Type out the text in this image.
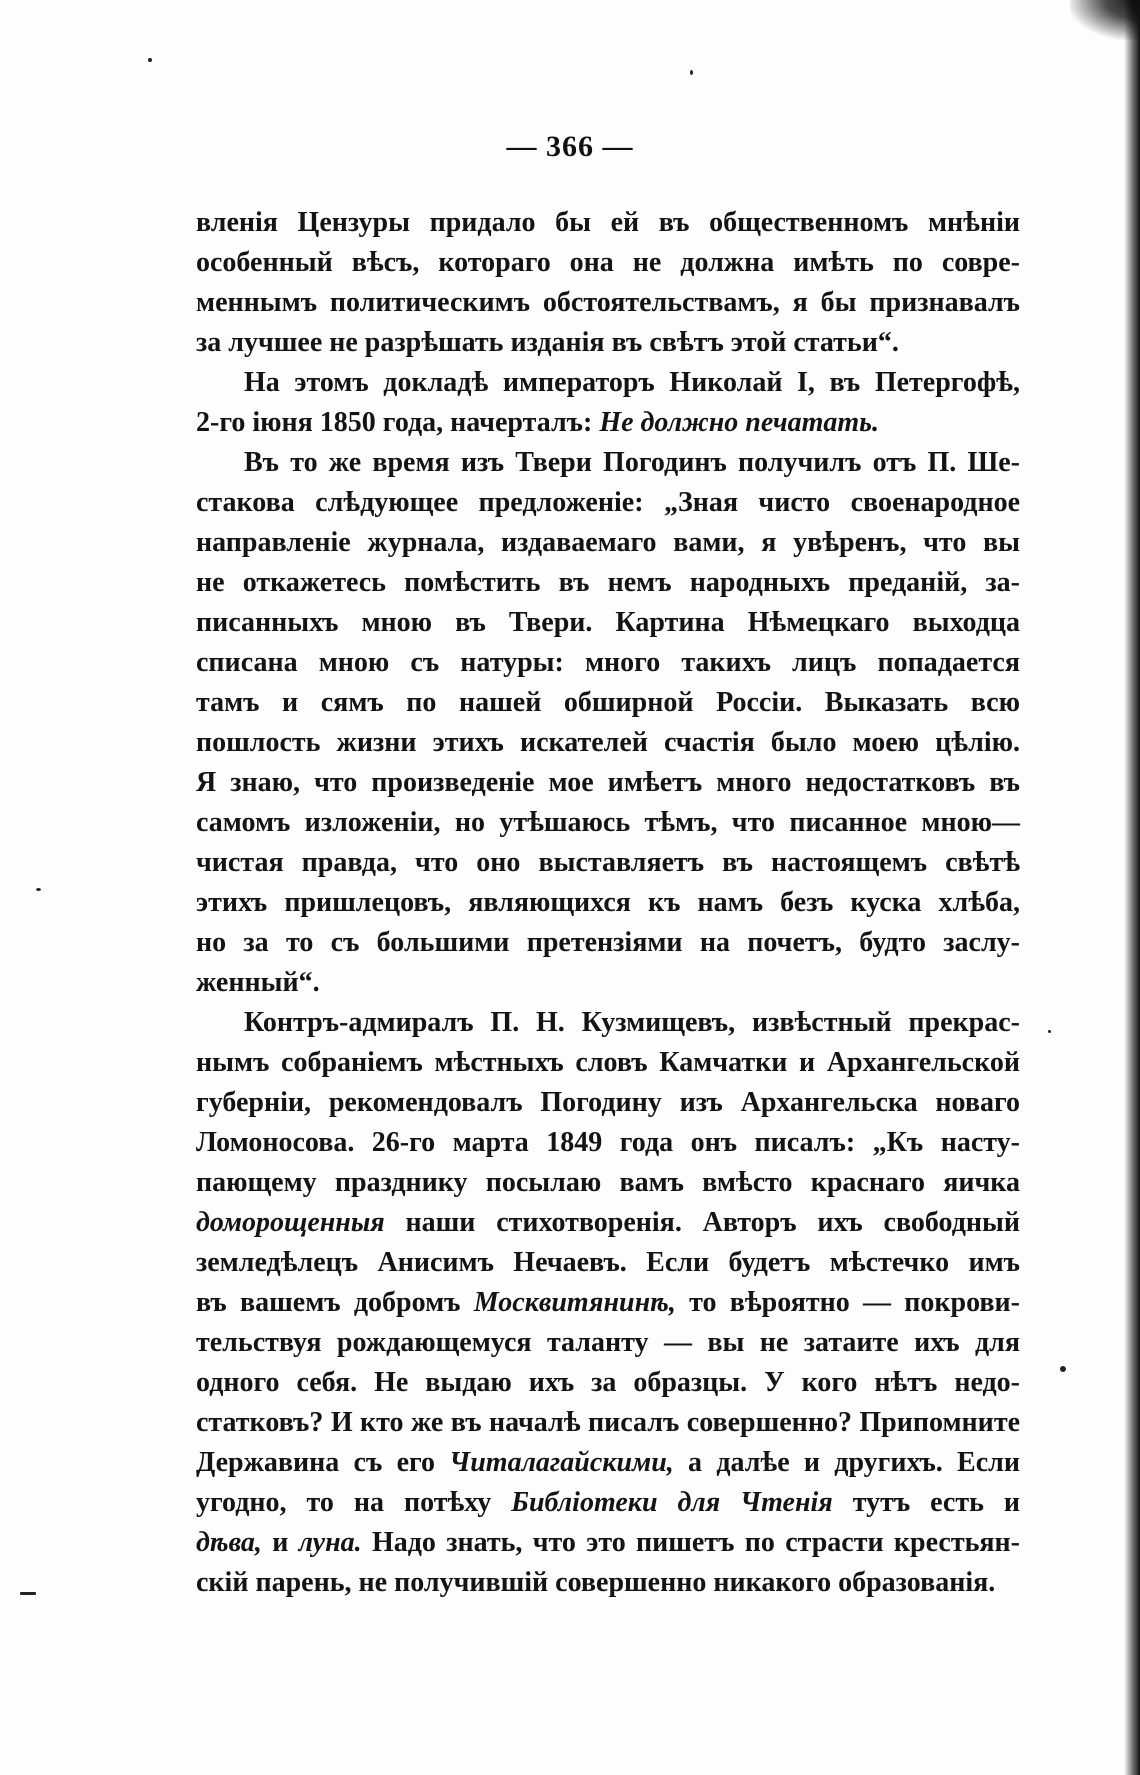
— 366 —
вленія Цензуры придало бы ей въ общественномъ мнѣніи
особенный вѣсъ, котораго она не должна имѣть по совре-
меннымъ политическимъ обстоятельствамъ, я бы признавалъ
за лучшее не разрѣшать изданія въ свѣтъ этой статьи“.
На этомъ докладѣ императоръ Николай I, въ Петергофѣ,
2-го іюня 1850 года, начерталъ: Не должно печатать.
Въ то же время изъ Твери Погодинъ получилъ отъ П. Ше-
стакова слѣдующее предложеніе: „Зная чисто своенародное
направленіе журнала, издаваемаго вами, я увѣренъ, что вы
не откажетесь помѣстить въ немъ народныхъ преданій, за-
писанныхъ мною въ Твери. Картина Нѣмецкаго выходца
списана мною съ натуры: много такихъ лицъ попадается
тамъ и сямъ по нашей обширной Россіи. Выказать всю
пошлость жизни этихъ искателей счастія было моею цѣлію.
Я знаю, что произведеніе мое имѣетъ много недостатковъ въ
самомъ изложеніи, но утѣшаюсь тѣмъ, что писанное мною—
чистая правда, что оно выставляетъ въ настоящемъ свѣтѣ
этихъ пришлецовъ, являющихся къ намъ безъ куска хлѣба,
но за то съ большими претензіями на почетъ, будто заслу-
женный“.
Контръ-адмиралъ П. Н. Кузмищевъ, извѣстный прекрас-
нымъ собраніемъ мѣстныхъ словъ Камчатки и Архангельской
губерніи, рекомендовалъ Погодину изъ Архангельска новаго
Ломоносова. 26-го марта 1849 года онъ писалъ: „Къ насту-
пающему празднику посылаю вамъ вмѣсто краснаго яичка
доморощенныя наши стихотворенія. Авторъ ихъ свободный
земледѣлецъ Анисимъ Нечаевъ. Если будетъ мѣстечко имъ
въ вашемъ добромъ Москвитянинѣ, то вѣроятно — покрови-
тельствуя рождающемуся таланту — вы не затаите ихъ для
одного себя. Не выдаю ихъ за образцы. У кого нѣтъ недо-
статковъ? И кто же въ началѣ писалъ совершенно? Припомните
Державина съ его Читалагайскими, а далѣе и другихъ. Если
угодно, то на потѣху Библіотеки для Чтенія тутъ есть и
дѣва, и луна. Надо знать, что это пишетъ по страсти крестьян-
скій парень, не получившій совершенно никакого образованія.
